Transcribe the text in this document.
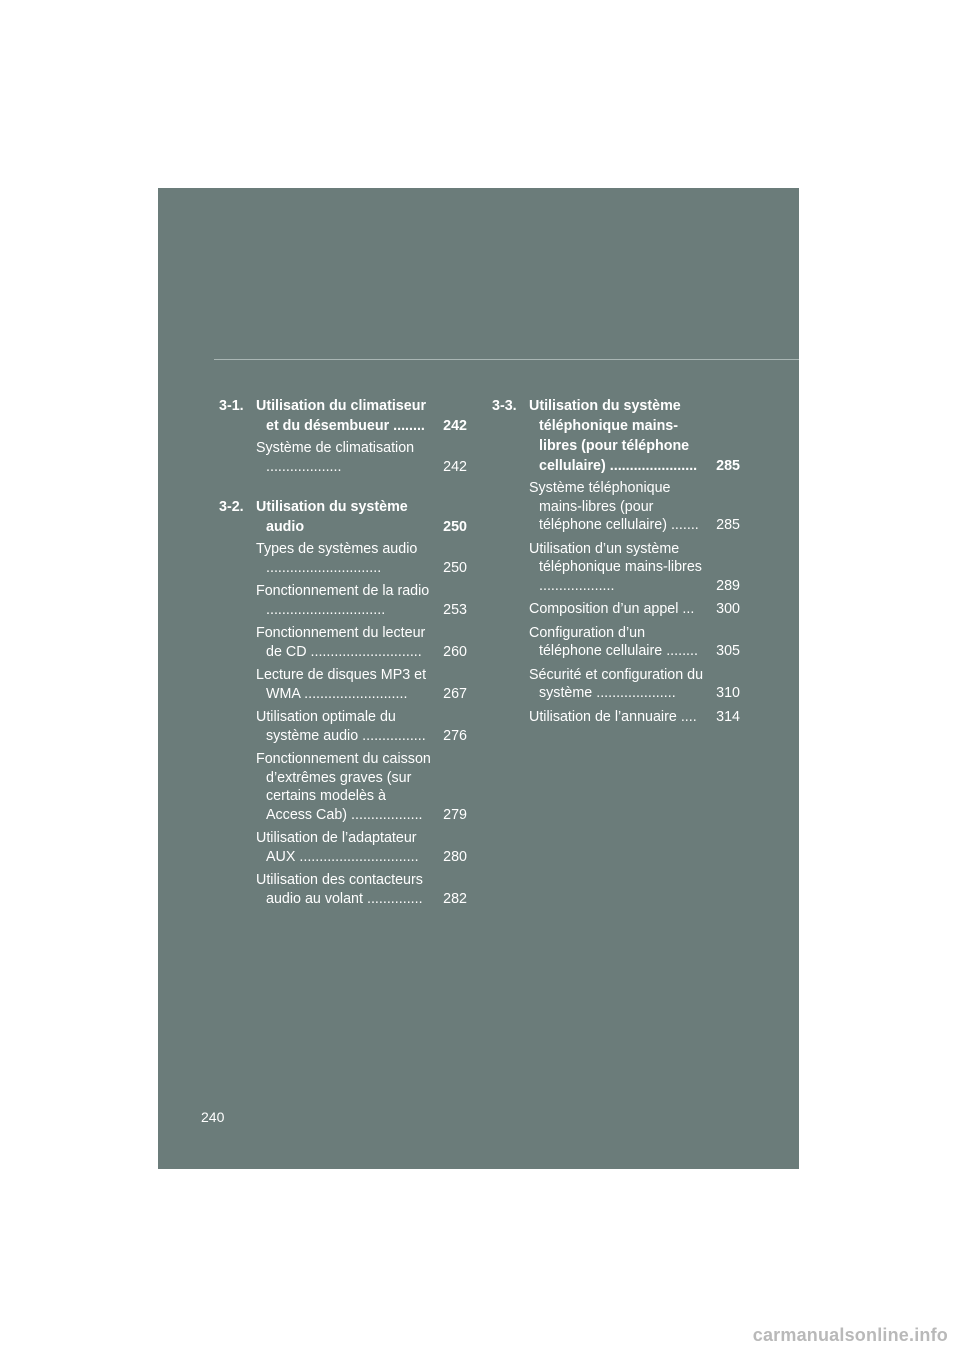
3-1. Utilisation du climatiseur et du désembueur ........	242
Système de climatisation ...................	242
3-2. Utilisation du système audio	250
Types de systèmes audio .............................	250
Fonctionnement de la radio ..............................	253
Fonctionnement du lecteur de CD ............................	260
Lecture de disques MP3 et WMA ..........................	267
Utilisation optimale du système audio ................	276
Fonctionnement du caisson d’extrêmes graves (sur certains modelès à Access Cab) ..................	279
Utilisation de l’adaptateur AUX ..............................	280
Utilisation des contacteurs audio au volant ..............	282
3-3. Utilisation du système téléphonique mains-libres (pour téléphone cellulaire) ......................	285
Système téléphonique mains-libres (pour téléphone cellulaire) .......	285
Utilisation d’un système téléphonique mains-libres ...................	289
Composition d’un appel ...	300
Configuration d’un téléphone cellulaire ........	305
Sécurité et configuration du système ....................	310
Utilisation de l’annuaire ....	314
240
carmanualsonline.info
